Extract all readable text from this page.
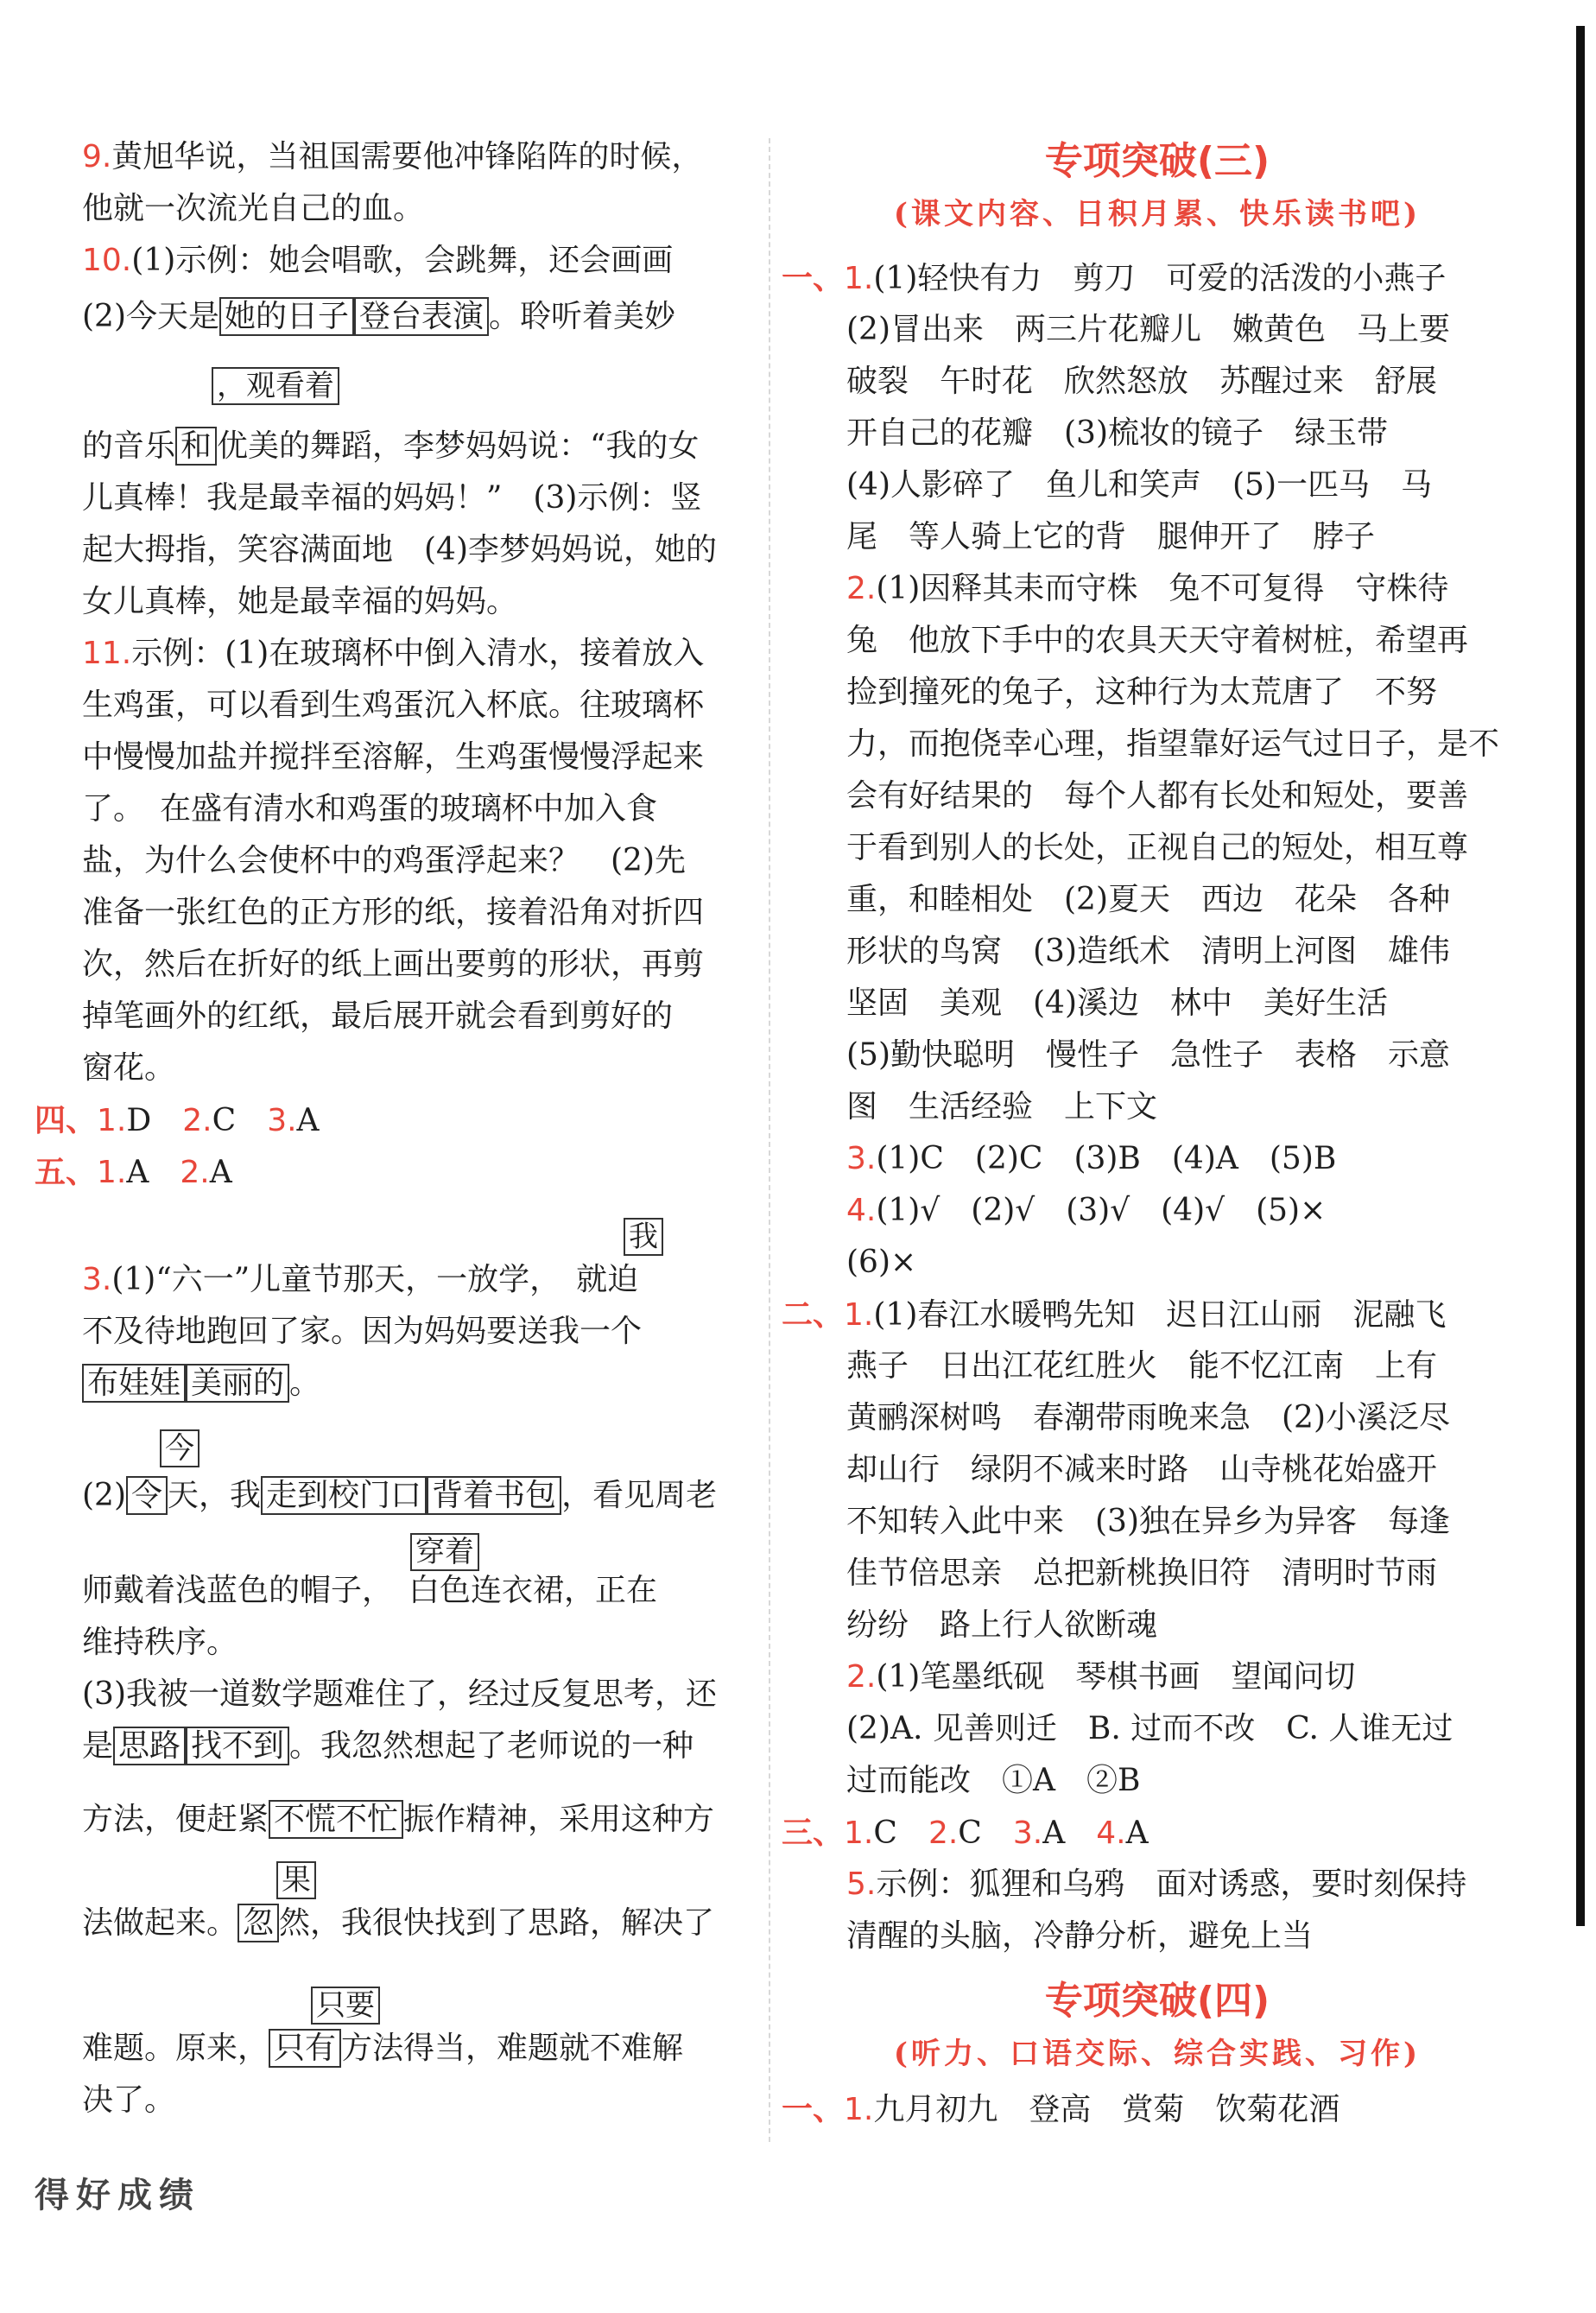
9.黄旭华说，当祖国需要他冲锋陷阵的时候，
他就一次流光自己的血。
10.(1)示例：她会唱歌，会跳舞，还会画画
(2)今天是 她的日子 登台表演 。聆听着美妙
，观看着
的音乐 和 优美的舞蹈，李梦妈妈说：“我的女
儿真棒！我是最幸福的妈妈！”　(3)示例：竖
起大拇指，笑容满面地　(4)李梦妈妈说，她的
女儿真棒，她是最幸福的妈妈。
11.示例：(1)在玻璃杯中倒入清水，接着放入
生鸡蛋，可以看到生鸡蛋沉入杯底。往玻璃杯
中慢慢加盐并搅拌至溶解，生鸡蛋慢慢浮起来
了。　在盛有清水和鸡蛋的玻璃杯中加入食
盐，为什么会使杯中的鸡蛋浮起来？　(2)先
准备一张红色的正方形的纸，接着沿角对折四
次，然后在折好的纸上画出要剪的形状，再剪
掉笔画外的红纸，最后展开就会看到剪好的
窗花。
四、1.D　 2.C　 3.A
五、1.A　 2.A
我
3.(1)“六一”儿童节那天，一放学，　就迫
不及待地跑回了家。因为妈妈要送我一个
布娃娃 美丽的 。
今
(2) 令 天，我 走到校门口 背着书包 ，看见周老
穿着
师戴着浅蓝色的帽子，　白色连衣裙，正在
维持秩序。
(3)我被一道数学题难住了，经过反复思考，还
是 思路 找不到 。我忽然想起了老师说的一种
方法，便赶紧 不慌不忙 振作精神，采用这种方
果
法做起来。 忽 然，我很快找到了思路，解决了
只要
难题。原来， 只有 方法得当，难题就不难解
决了。
专项突破(三)
(课文内容、日积月累、快乐读书吧)
一、1.(1)轻快有力　剪刀　可爱的活泼的小燕子
(2)冒出来　两三片花瓣儿　嫩黄色　马上要
破裂　午时花　欣然怒放　苏醒过来　舒展
开自己的花瓣　(3)梳妆的镜子　绿玉带
(4)人影碎了　鱼儿和笑声　(5)一匹马　马
尾　等人骑上它的背　腿伸开了　脖子
2.(1)因释其耒而守株　兔不可复得　守株待
兔　他放下手中的农具天天守着树桩，希望再
捡到撞死的兔子，这种行为太荒唐了　不努
力，而抱侥幸心理，指望靠好运气过日子，是不
会有好结果的　每个人都有长处和短处，要善
于看到别人的长处，正视自己的短处，相互尊
重，和睦相处　(2)夏天　西边　花朵　各种
形状的鸟窝　(3)造纸术　清明上河图　雄伟
坚固　美观　(4)溪边　林中　美好生活
(5)勤快聪明　慢性子　急性子　表格　示意
图　生活经验　上下文
3.(1)C　(2)C　(3)B　(4)A　(5)B
4.(1)√　(2)√　(3)√　(4)√　(5)×
(6)×
二、1.(1)春江水暖鸭先知　迟日江山丽　泥融飞
燕子　日出江花红胜火　能不忆江南　上有
黄鹂深树鸣　春潮带雨晚来急　(2)小溪泛尽
却山行　绿阴不减来时路　山寺桃花始盛开
不知转入此中来　(3)独在异乡为异客　每逢
佳节倍思亲　总把新桃换旧符　清明时节雨
纷纷　路上行人欲断魂
2.(1)笔墨纸砚　琴棋书画　望闻问切
(2)A. 见善则迁　B. 过而不改　C. 人谁无过
过而能改　①A　②B
三、1.C　 2.C　 3.A　 4.A
5.示例：狐狸和乌鸦　面对诱惑，要时刻保持
清醒的头脑，冷静分析，避免上当
专项突破(四)
(听力、口语交际、综合实践、习作)
一、1.九月初九　登高　赏菊　饮菊花酒
得好成绩
